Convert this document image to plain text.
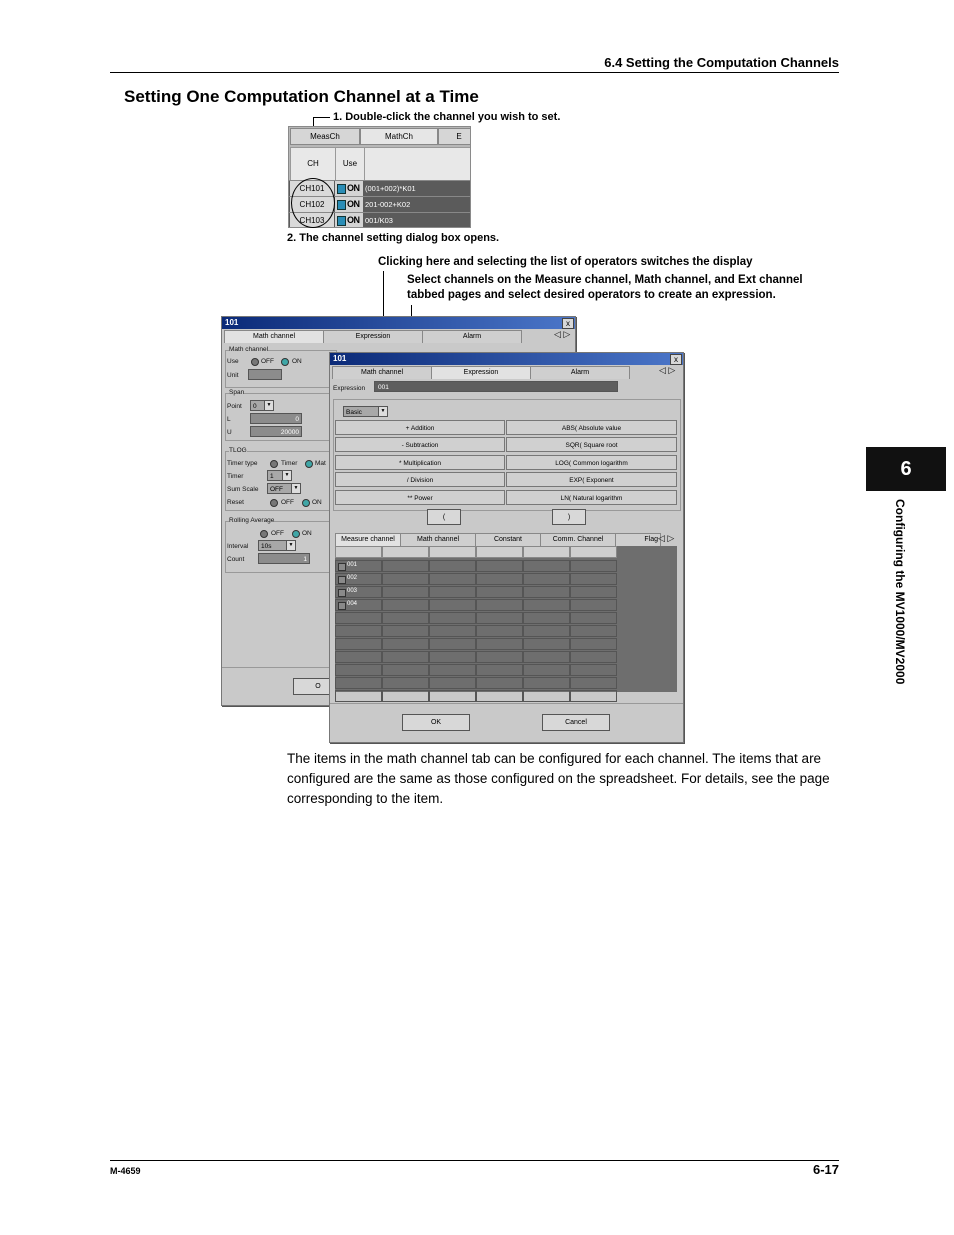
6.4 Setting the Computation Channels
Setting One Computation Channel at a Time
1. Double-click the channel you wish to set.
MeasCh	MathCh	E
CH	Use
CH101	ON (001+002)*K01
CH102	ON 201-002+K02
CH103	ON 001/K03
2. The channel setting dialog box opens.
Clicking here and selecting the list of operators switches the display
Select channels on the Measure channel, Math channel, and Ext channel
tabbed pages and select desired operators to create an expression.
101	x
Math channel	Expression	Alarm	◁ ▷
Math channel
Use	OFF	ON
Unit
Span
Point	0	▼
L	0
U	20000
TLOG
Timer type	Timer	Mat
Timer	1	▼
Sum Scale	OFF	▼
Reset	OFF	ON
Rolling Average
OFF	ON
Interval	10s	▼
Count	1
O
101	x
Math channel	Expression	Alarm	◁ ▷
Expression	001
Basic	▼
+ Addition	ABS( Absolute value
- Subtraction	SQR( Square root
* Multiplication	LOG( Common logarithm
/ Division	EXP( Exponent
** Power	LN( Natural logarithm
(	)
Measure channel	Math channel	Constant	Comm. Channel	Flag ◁ ▷
001
002
003
004
OK	Cancel
The items in the math channel tab can be configured for each channel. The items that are configured are the same as those configured on the spreadsheet. For details, see the page corresponding to the item.
6
Configuring the MV1000/MV2000
M-4659	6-17
